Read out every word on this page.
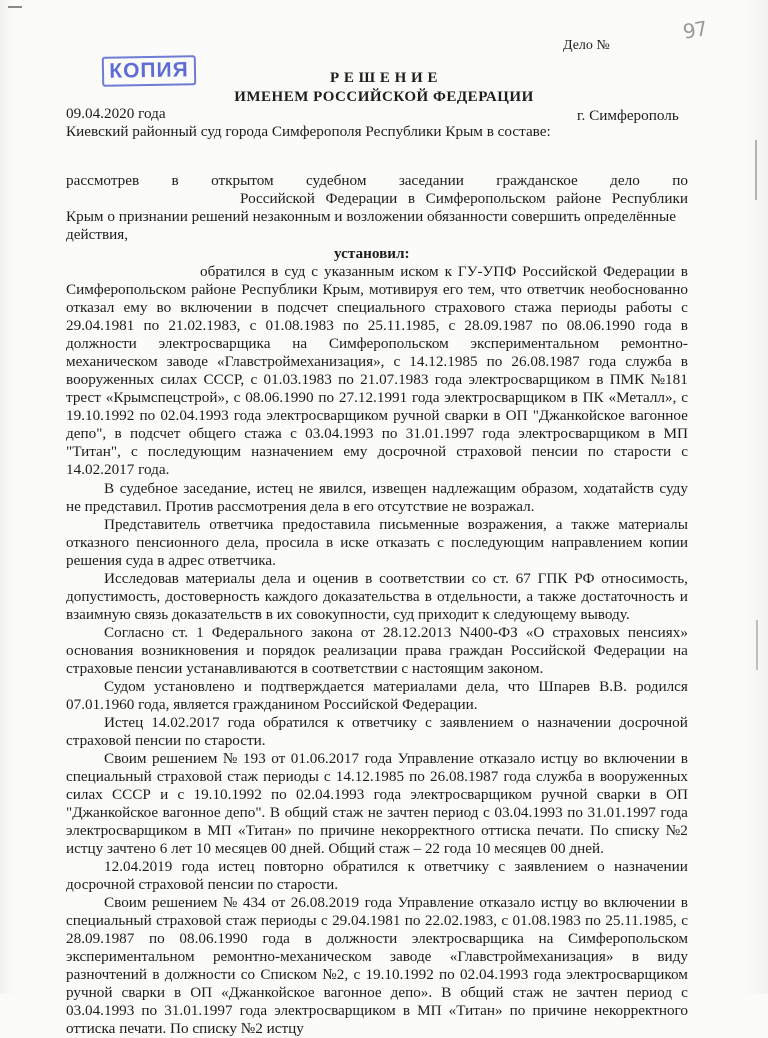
КОПИЯ
Дело №
97
Р Е Ш Е Н И Е
ИМЕНЕМ РОССИЙСКОЙ ФЕДЕРАЦИИ
09.04.2020 года	г. Симферополь
Киевский районный суд города Симферополя Республики Крым в составе:
рассмотрев в открытом судебном заседании гражданское дело по
Российской Федерации в Симферопольском районе Республики
Крым о признании решений незаконным и возложении обязанности совершить определённые
действия,
установил:
обратился в суд с указанным иском к ГУ-УПФ Российской Федерации в
Симферопольском районе Республики Крым, мотивируя его тем, что ответчик необоснованно
отказал ему во включении в подсчет специального страхового стажа периоды работы с
29.04.1981 по 21.02.1983, с 01.08.1983 по 25.11.1985, с 28.09.1987 по 08.06.1990 года в
должности электросварщика на Симферопольском экспериментальном ремонтно-
механическом заводе «Главстроймеханизация», с 14.12.1985 по 26.08.1987 года служба в
вооруженных силах СССР, с 01.03.1983 по 21.07.1983 года электросварщиком в ПМК №181
трест «Крымспецстрой», с 08.06.1990 по 27.12.1991 года электросварщиком в ПК «Металл», с
19.10.1992 по 02.04.1993 года электросварщиком ручной сварки в ОП "Джанкойское вагонное
депо", в подсчет общего стажа с 03.04.1993 по 31.01.1997 года электросварщиком в МП
"Титан", с последующим назначением ему досрочной страховой пенсии по старости с
14.02.2017 года.
В судебное заседание, истец не явился, извещен надлежащим образом, ходатайств суду
не представил. Против рассмотрения дела в его отсутствие не возражал.
Представитель ответчика предоставила письменные возражения, а также материалы
отказного пенсионного дела, просила в иске отказать с последующим направлением копии
решения суда в адрес ответчика.
Исследовав материалы дела и оценив в соответствии со ст. 67 ГПК РФ относимость,
допустимость, достоверность каждого доказательства в отдельности, а также достаточность и
взаимную связь доказательств в их совокупности, суд приходит к следующему выводу.
Согласно ст. 1 Федерального закона от 28.12.2013 N400-ФЗ «О страховых пенсиях»
основания возникновения и порядок реализации права граждан Российской Федерации на
страховые пенсии устанавливаются в соответствии с настоящим законом.
Судом установлено и подтверждается материалами дела, что Шпарев В.В. родился
07.01.1960 года, является гражданином Российской Федерации.
Истец 14.02.2017 года обратился к ответчику с заявлением о назначении досрочной
страховой пенсии по старости.
Своим решением № 193 от 01.06.2017 года Управление отказало истцу во включении в
специальный страховой стаж периоды с 14.12.1985 по 26.08.1987 года служба в вооруженных
силах СССР и с 19.10.1992 по 02.04.1993 года электросварщиком ручной сварки в ОП
"Джанкойское вагонное депо". В общий стаж не зачтен период с 03.04.1993 по 31.01.1997 года
электросварщиком в МП «Титан» по причине некорректного оттиска печати. По списку №2
истцу зачтено 6 лет 10 месяцев 00 дней. Общий стаж – 22 года 10 месяцев 00 дней.
12.04.2019 года истец повторно обратился к ответчику с заявлением о назначении
досрочной страховой пенсии по старости.
Своим решением № 434 от 26.08.2019 года Управление отказало истцу во включении в
специальный страховой стаж периоды с 29.04.1981 по 22.02.1983, с 01.08.1983 по 25.11.1985, с
28.09.1987 по 08.06.1990 года в должности электросварщика на Симферопольском
экспериментальном ремонтно-механическом заводе «Главстроймеханизация» в виду
разночтений в должности со Списком №2, с 19.10.1992 по 02.04.1993 года электросварщиком
ручной сварки в ОП «Джанкойское вагонное депо». В общий стаж не зачтен период с
03.04.1993 по 31.01.1997 года электросварщиком в МП «Титан» по причине некорректного
оттиска печати. По списку №2 истцу
